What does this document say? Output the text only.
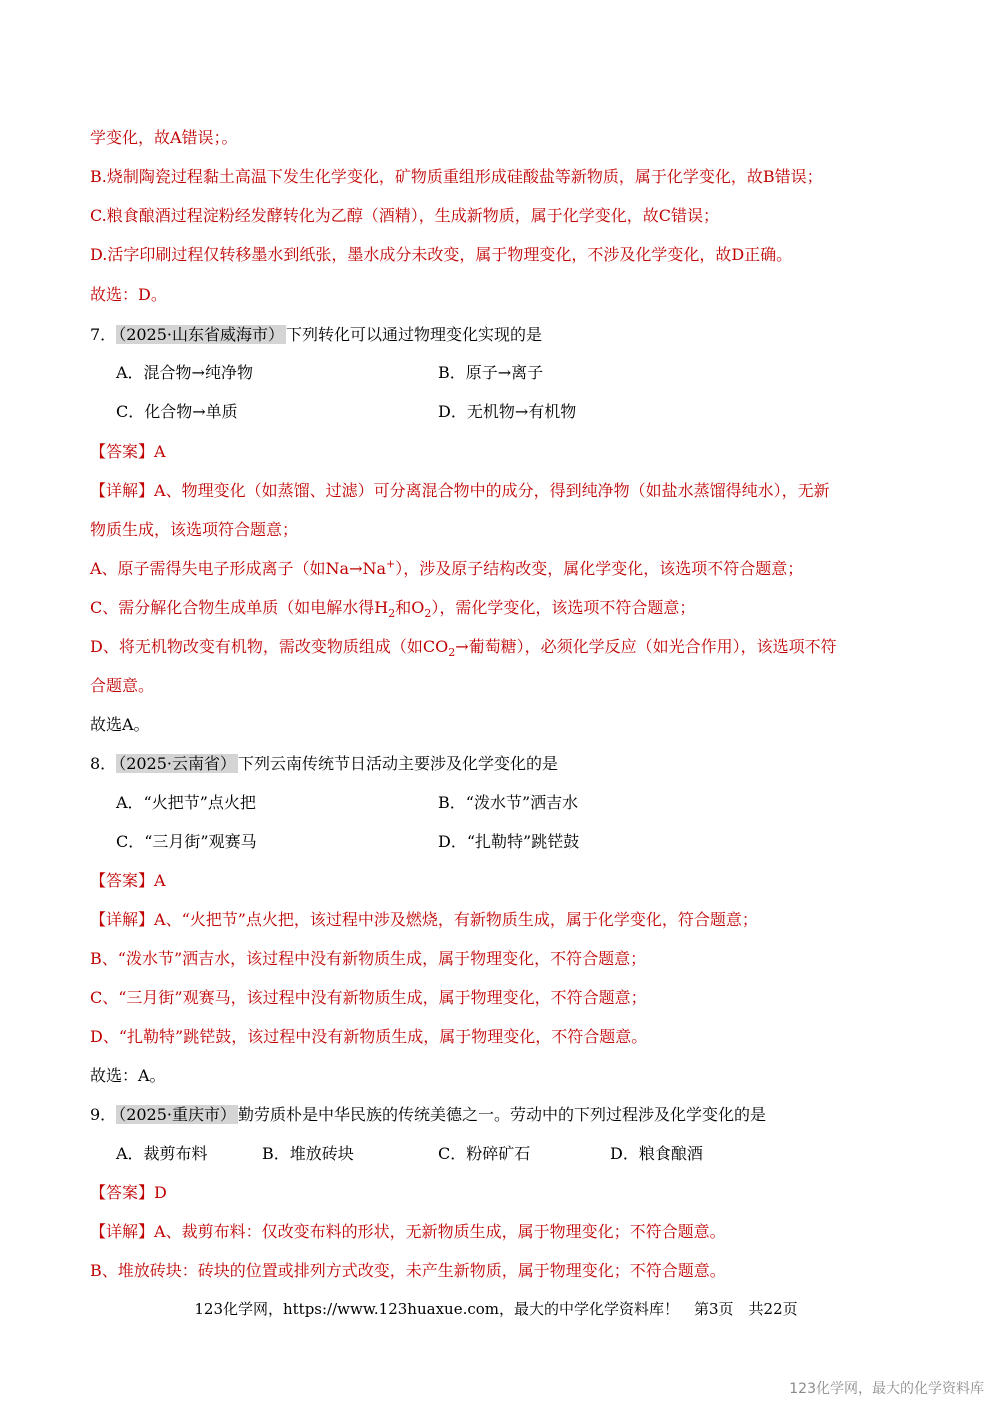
学变化，故A错误；。
B.烧制陶瓷过程黏土高温下发生化学变化，矿物质重组形成硅酸盐等新物质，属于化学变化，故B错误；
C.粮食酿酒过程淀粉经发酵转化为乙醇（酒精），生成新物质，属于化学变化，故C错误；
D.活字印刷过程仅转移墨水到纸张，墨水成分未改变，属于物理变化，不涉及化学变化，故D正确。
故选：D。
7． （2025·山东省威海市） 下列转化可以通过物理变化实现的是
A．混合物→纯净物	B．原子→离子
C．化合物→单质	D．无机物→有机物
【答案】A
【详解】A、物理变化（如蒸馏、过滤）可分离混合物中的成分，得到纯净物（如盐水蒸馏得纯水），无新
物质生成，该选项符合题意；
A、原子需得失电子形成离子（如Na→Na+），涉及原子结构改变，属化学变化，该选项不符合题意；
C、需分解化合物生成单质（如电解水得$H_2$和$O_2$），需化学变化，该选项不符合题意；
D、将无机物改变有机物，需改变物质组成（如$CO_2\to$葡萄糖），必须化学反应（如光合作用），该选项不符
合题意。
故选A。
8． （2025·云南省） 下列云南传统节日活动主要涉及化学变化的是
A．“火把节”点火把	B．“泼水节”洒吉水
C．“三月街”观赛马	D．“扎勒特”跳铓鼓
【答案】A
【详解】A、“火把节”点火把，该过程中涉及燃烧，有新物质生成，属于化学变化，符合题意；
B、“泼水节”洒吉水，该过程中没有新物质生成，属于物理变化，不符合题意；
C、“三月街”观赛马，该过程中没有新物质生成，属于物理变化，不符合题意；
D、“扎勒特”跳铓鼓，该过程中没有新物质生成，属于物理变化，不符合题意。
故选：A。
9． （2025·重庆市） 勤劳质朴是中华民族的传统美德之一。劳动中的下列过程涉及化学变化的是
A．裁剪布料	B．堆放砖块	C．粉碎矿石	D．粮食酿酒
【答案】D
【详解】A、裁剪布料：仅改变布料的形状，无新物质生成，属于物理变化；不符合题意。
B、堆放砖块：砖块的位置或排列方式改变，未产生新物质，属于物理变化；不符合题意。
123化学网，https://www.123huaxue.com，最大的中学化学资料库！　第3页　共22页
123化学网，最大的化学资料库
